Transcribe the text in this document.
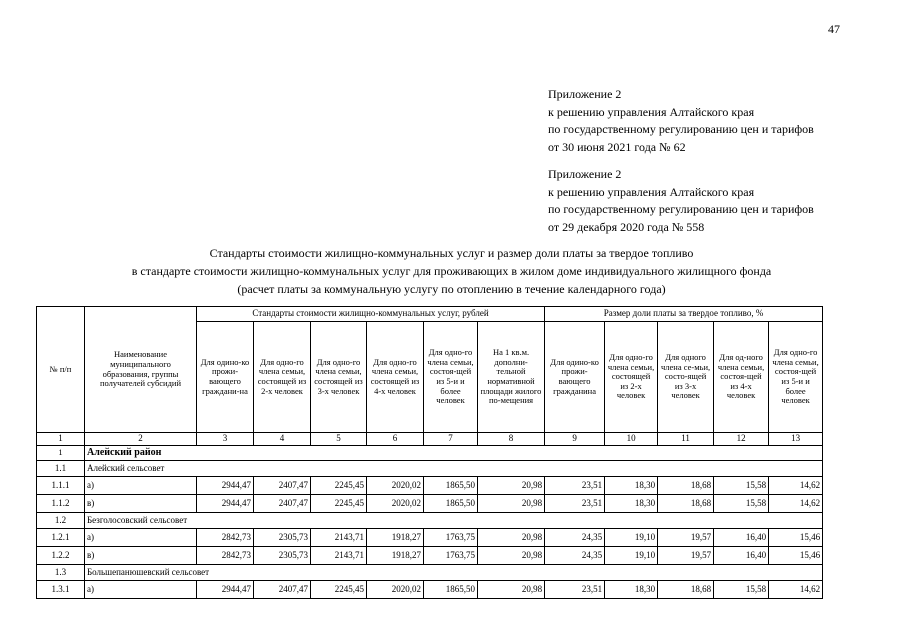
47
Приложение 2
к решению управления Алтайского края
по государственному регулированию цен и тарифов
от 30 июня 2021 года № 62
Приложение 2
к решению управления Алтайского края
по государственному регулированию цен и тарифов
от 29 декабря 2020 года № 558
Стандарты стоимости жилищно-коммунальных услуг и размер доли платы за твердое топливо
в стандарте стоимости жилищно-коммунальных услуг для проживающих в жилом доме индивидуального жилищного фонда
(расчет платы за коммунальную услугу по отоплению в течение календарного года)
№ п/п	Наименование муниципального образования, группы получателей субсидий	Стандарты стоимости жилищно-коммунальных услуг, рублей						Размер доли платы за твердое топливо, %				
		Для одино-ко прожи-вающего граждани-на	Для одно-го члена семьи, состоящей из 2-х человек	Для одно-го члена семьи, состоящей из 3-х человек	Для одно-го члена семьи, состоящей из 4-х человек	Для одно-го члена семьи, состоя-щей из 5-и и более человек	На 1 кв.м. дополни-тельной нормативной площади жилого по-мещения	Для одино-ко прожи-вающего гражданина	Для одно-го члена семьи, состоящей из 2-х человек	Для одного члена се-мьи, состо-ящей из 3-х человек	Для од-ного члена семьи, состоя-щей из 4-х человек	Для одно-го члена семьи, состоя-щей из 5-и и более человек
1	2	3	4	5	6	7	8	9	10	11	12	13
1	Алейский район											
1.1	Алейский сельсовет											
1.1.1	а)	2944,47	2407,47	2245,45	2020,02	1865,50	20,98	23,51	18,30	18,68	15,58	14,62
1.1.2	в)	2944,47	2407,47	2245,45	2020,02	1865,50	20,98	23,51	18,30	18,68	15,58	14,62
1.2	Безголосовский сельсовет											
1.2.1	а)	2842,73	2305,73	2143,71	1918,27	1763,75	20,98	24,35	19,10	19,57	16,40	15,46
1.2.2	в)	2842,73	2305,73	2143,71	1918,27	1763,75	20,98	24,35	19,10	19,57	16,40	15,46
1.3	Большепанюшевский сельсовет											
1.3.1	а)	2944,47	2407,47	2245,45	2020,02	1865,50	20,98	23,51	18,30	18,68	15,58	14,62
